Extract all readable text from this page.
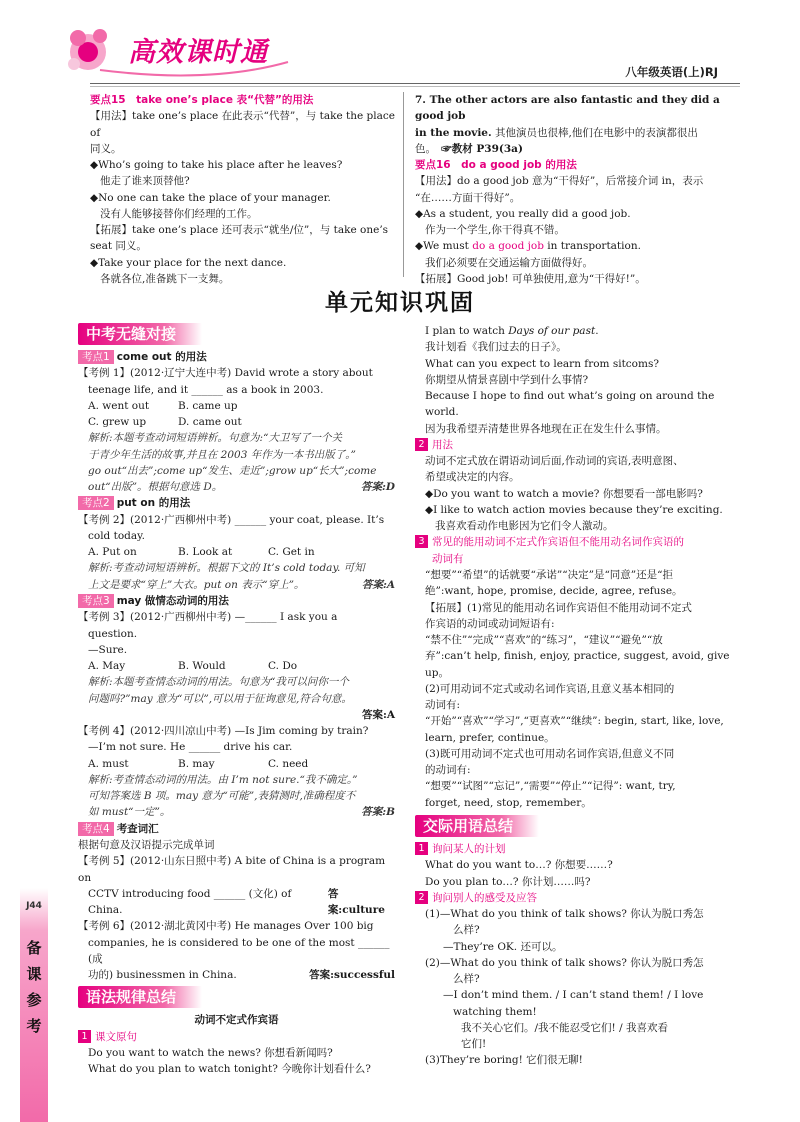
高效课时通
八年级英语(上)RJ

要点15　take one’s place 表“代替”的用法

【用法】take one’s place 在此表示“代替”，与 take the place of

同义。

◆Who’s going to take his place after he leaves?

他走了谁来顶替他?

◆No one can take the place of your manager.

没有人能够接替你们经理的工作。

【拓展】take one’s place 还可表示“就坐/位”，与 take one’s

seat 同义。

◆Take your place for the next dance.

各就各位,准备跳下一支舞。

7. The other actors are also fantastic and they did a good job

in the movie. 其他演员也很棒,他们在电影中的表演都很出

色。　 ☞教材 P39(3a)

要点16　do a good job 的用法

【用法】do a good job 意为“干得好”，后常接介词 in，表示

“在……方面干得好”。

◆As a student, you really did a good job.

作为一个学生,你干得真不错。

◆We must do a good job in transportation.

我们必须要在交通运输方面做得好。

【拓展】Good job! 可单独使用,意为“干得好!”。

单元知识巩固
中考无缝对接

考点1 come out 的用法

【考例 1】(2012·辽宁大连中考) David wrote a story about

teenage life, and it ______ as a book in 2003.

A. went out	B. came up

C. grew up	D. came out

解析:本题考查动词短语辨析。句意为:“大卫写了一个关

于青少年生活的故事,并且在 2003 年作为一本书出版了。”

go out“出去”;come up“发生、走近”;grow up“长大”;come

out“出版”。根据句意选 D。	答案:D

考点2 put on 的用法

【考例 2】(2012·广西柳州中考) ______ your coat, please. It’s

cold today.

A. Put on	B. Look at	C. Get in

解析:考查动词短语辨析。根据下文的 It’s cold today. 可知

上文是要求“穿上”大衣。put on 表示“穿上”。	答案:A

考点3 may 做情态动词的用法

【考例 3】(2012·广西柳州中考) —______ I ask you a

question.

—Sure.

A. May	B. Would	C. Do

解析:本题考查情态动词的用法。句意为“我可以问你一个

问题吗?”may 意为“可以”,可以用于征询意见,符合句意。

答案:A

【考例 4】(2012·四川凉山中考) —Is Jim coming by train?

—I’m not sure. He ______ drive his car.

A. must	B. may	C. need

解析:考查情态动词的用法。由 I’m not sure.“我不确定。”

可知答案选 B 项。may 意为“可能”,表猜测时,准确程度不

如 must“一定”。	答案:B

考点4 考查词汇

根据句意及汉语提示完成单词

【考例 5】(2012·山东日照中考) A bite of China is a program on

CCTV introducing food ______ (文化) of China.
答案:culture

【考例 6】(2012·湖北黄冈中考) He manages Over 100 big

companies, he is considered to be one of the most ______ (成

功的) businessmen in China.	答案:successful

语法规律总结

动词不定式作宾语

1 课文原句

Do you want to watch the news? 你想看新闻吗?

What do you plan to watch tonight? 今晚你计划看什么?

I plan to watch Days of our past.

我计划看《我们过去的日子》。

What can you expect to learn from sitcoms?

你期望从情景喜剧中学到什么事情?

Because I hope to find out what’s going on around the world.

因为我希望弄清楚世界各地现在正在发生什么事情。

2 用法

动词不定式放在谓语动词后面,作动词的宾语,表明意图、

希望或决定的内容。

◆Do you want to watch a movie? 你想要看一部电影吗?

◆I like to watch action movies because they’re exciting.

我喜欢看动作电影因为它们令人激动。

3 常见的能用动词不定式作宾语但不能用动名词作宾语的

动词有

“想要”“希望”的话就要“承诺”“决定”是“同意”还是“拒

绝”:want, hope, promise, decide, agree, refuse。

【拓展】(1)常见的能用动名词作宾语但不能用动词不定式

作宾语的动词或动词短语有:

“禁不住”“完成”“喜欢”的“练习”，“建议”“避免”“放

弃”:can’t help, finish, enjoy, practice, suggest, avoid, give up。

(2)可用动词不定式或动名词作宾语,且意义基本相同的

动词有:

“开始”“喜欢”“学习”,“更喜欢”“继续”: begin, start, like, love,

learn, prefer, continue。

(3)既可用动词不定式也可用动名词作宾语,但意义不同

的动词有:

“想要”“试图”“忘记”,“需要”“停止”“记得”: want, try,

forget, need, stop, remember。

交际用语总结

1 询问某人的计划

What do you want to…? 你想要……?

Do you plan to…? 你计划……吗?

2 询问别人的感受及应答

(1)—What do you think of talk shows? 你认为脱口秀怎

么样?

—They’re OK. 还可以。

(2)—What do you think of talk shows? 你认为脱口秀怎

么样?

—I don’t mind them. / I can’t stand them! / I love

watching them!

我不关心它们。/我不能忍受它们! / 我喜欢看

它们!

(3)They’re boring! 它们很无聊!

J44
备课参考
